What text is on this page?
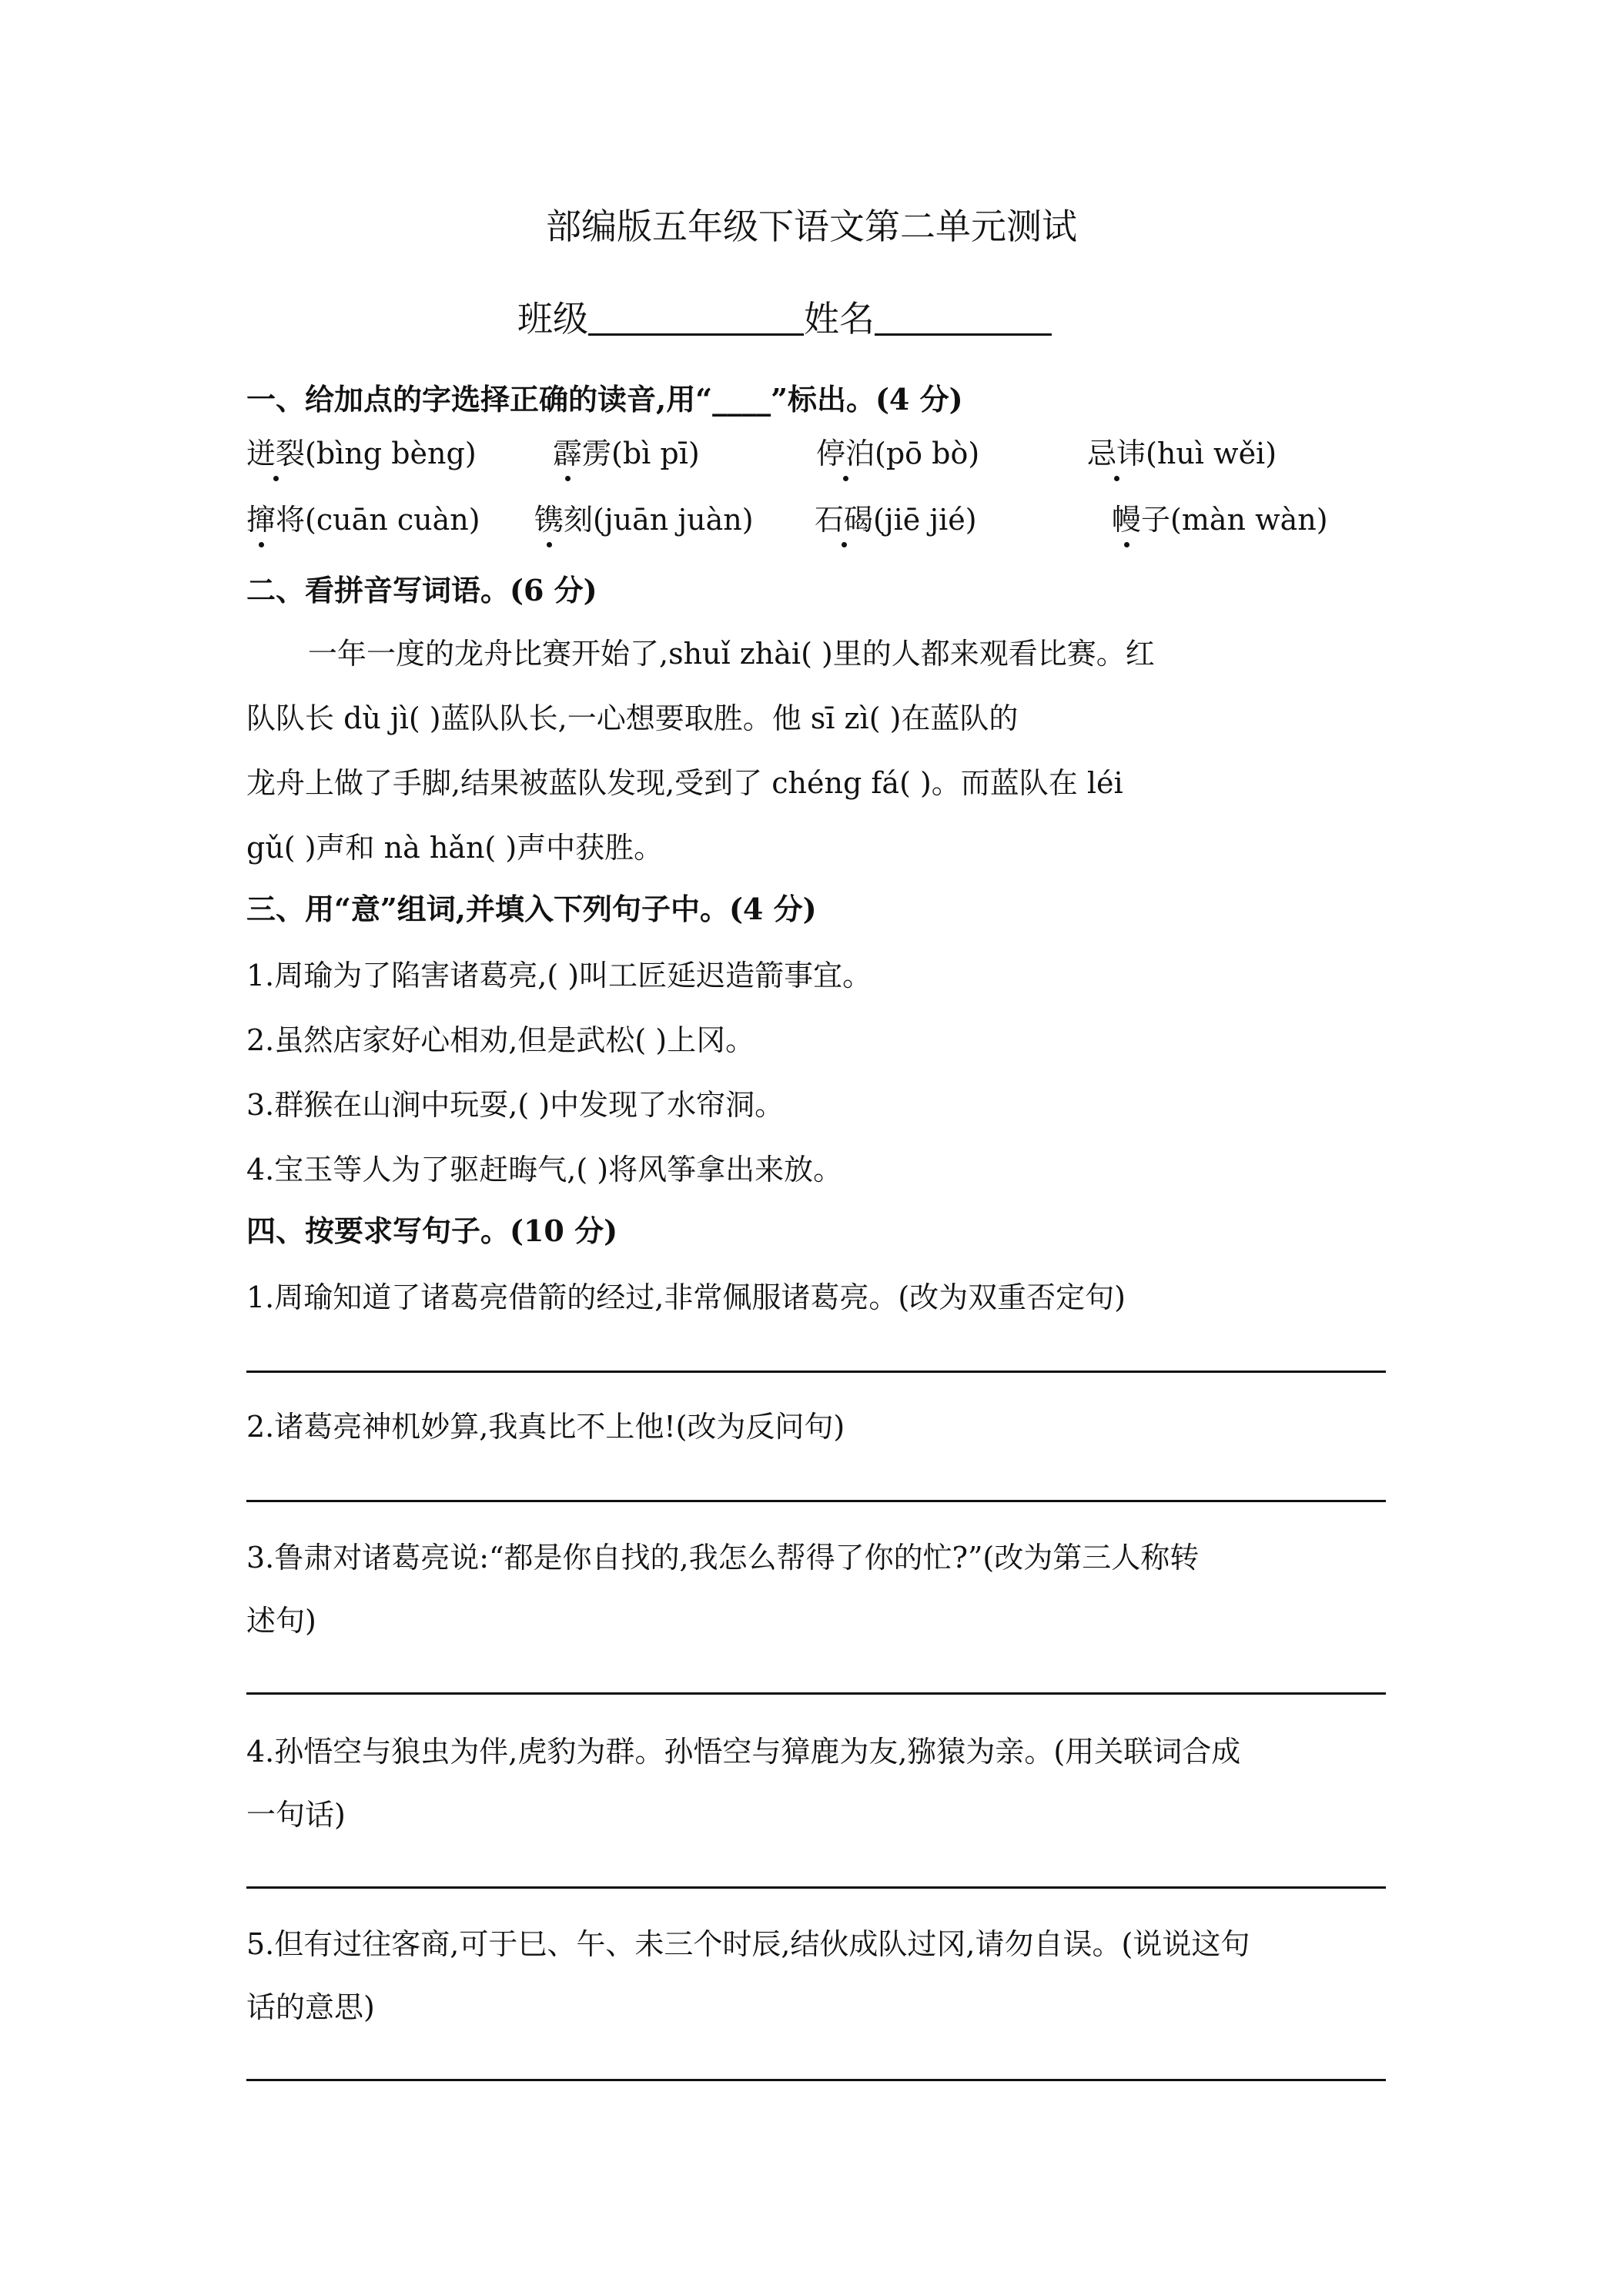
部编版五年级下语文第二单元测试
班级	姓名
一、给加点的字选择正确的读音,用“____”标出。(4 分)
迸裂(bìng bèng)	霹雳(bì pī)	停泊(pō bò)	忌讳(huì wěi)
撺将(cuān cuàn) 镌刻(juān juàn) 石碣(jiē jié)	幔子(màn wàn)
二、看拼音写词语。(6 分)
一年一度的龙舟比赛开始了,shuǐ zhài( )里的人都来观看比赛。红
队队长 dù jì( )蓝队队长,一心想要取胜。他 sī zì( )在蓝队的
龙舟上做了手脚,结果被蓝队发现,受到了 chéng fá( )。而蓝队在 léi
gǔ( )声和 nà hǎn( )声中获胜。
三、用“意”组词,并填入下列句子中。(4 分)
1.周瑜为了陷害诸葛亮,( )叫工匠延迟造箭事宜。
2.虽然店家好心相劝,但是武松( )上冈。
3.群猴在山涧中玩耍,( )中发现了水帘洞。
4.宝玉等人为了驱赶晦气,( )将风筝拿出来放。
四、按要求写句子。(10 分)
1.周瑜知道了诸葛亮借箭的经过,非常佩服诸葛亮。(改为双重否定句)
2.诸葛亮神机妙算,我真比不上他!(改为反问句)
3.鲁肃对诸葛亮说:“都是你自找的,我怎么帮得了你的忙?”(改为第三人称转
述句)
4.孙悟空与狼虫为伴,虎豹为群。孙悟空与獐鹿为友,猕猿为亲。(用关联词合成
一句话)
5.但有过往客商,可于巳、午、未三个时辰,结伙成队过冈,请勿自误。(说说这句
话的意思)
